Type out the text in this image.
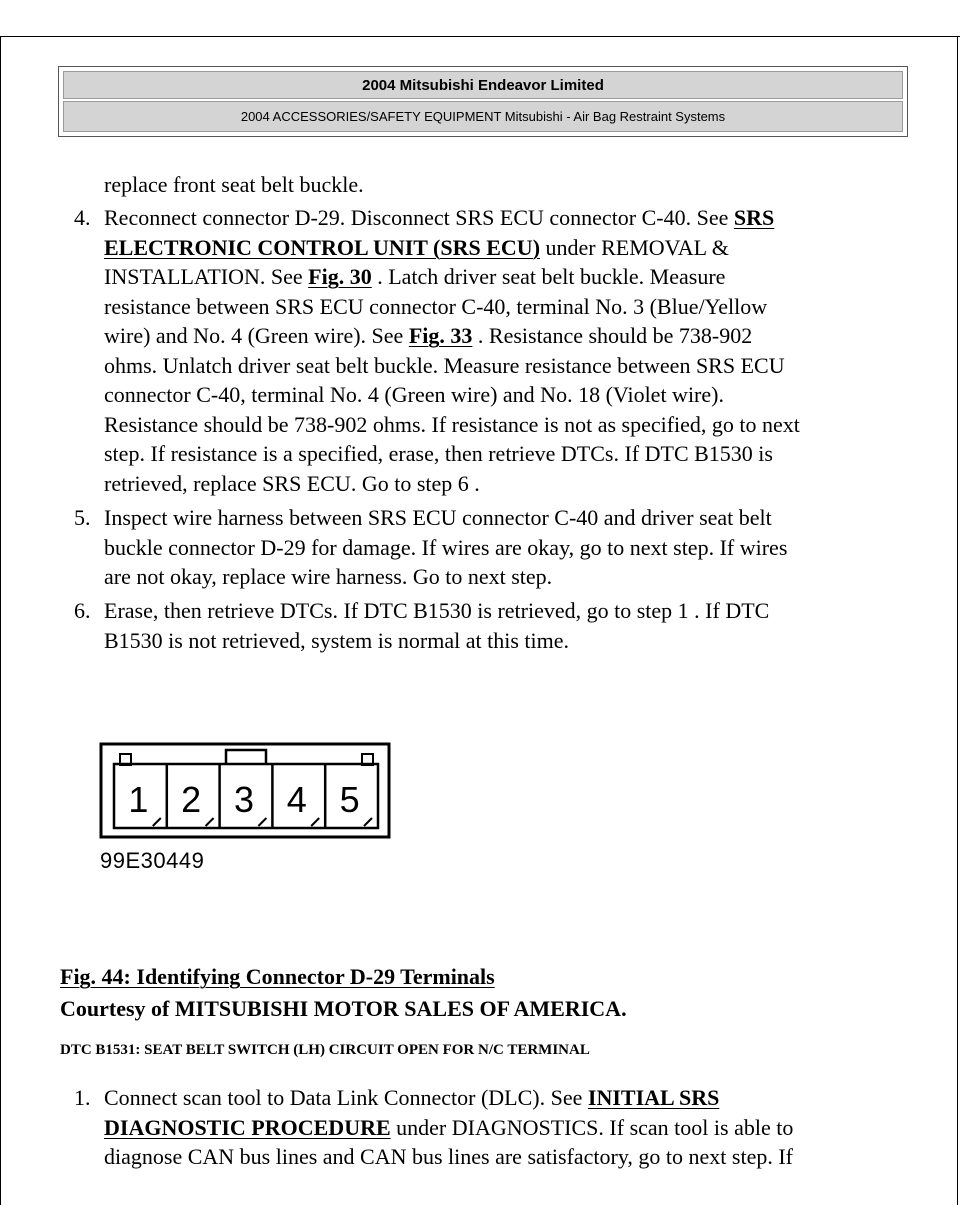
2004 Mitsubishi Endeavor Limited
2004 ACCESSORIES/SAFETY EQUIPMENT Mitsubishi - Air Bag Restraint Systems
replace front seat belt buckle.
4. Reconnect connector D-29. Disconnect SRS ECU connector C-40. See SRS
ELECTRONIC CONTROL UNIT (SRS ECU) under REMOVAL &
INSTALLATION. See Fig. 30 . Latch driver seat belt buckle. Measure
resistance between SRS ECU connector C-40, terminal No. 3 (Blue/Yellow
wire) and No. 4 (Green wire). See Fig. 33 . Resistance should be 738-902
ohms. Unlatch driver seat belt buckle. Measure resistance between SRS ECU
connector C-40, terminal No. 4 (Green wire) and No. 18 (Violet wire).
Resistance should be 738-902 ohms. If resistance is not as specified, go to next
step. If resistance is a specified, erase, then retrieve DTCs. If DTC B1530 is
retrieved, replace SRS ECU. Go to step 6 .
5. Inspect wire harness between SRS ECU connector C-40 and driver seat belt
buckle connector D-29 for damage. If wires are okay, go to next step. If wires
are not okay, replace wire harness. Go to next step.
6. Erase, then retrieve DTCs. If DTC B1530 is retrieved, go to step 1 . If DTC
B1530 is not retrieved, system is normal at this time.
1 2 3 4 5
99E30449
Fig. 44: Identifying Connector D-29 Terminals
Courtesy of MITSUBISHI MOTOR SALES OF AMERICA.
DTC B1531: SEAT BELT SWITCH (LH) CIRCUIT OPEN FOR N/C TERMINAL
1. Connect scan tool to Data Link Connector (DLC). See INITIAL SRS
DIAGNOSTIC PROCEDURE under DIAGNOSTICS. If scan tool is able to
diagnose CAN bus lines and CAN bus lines are satisfactory, go to next step. If
